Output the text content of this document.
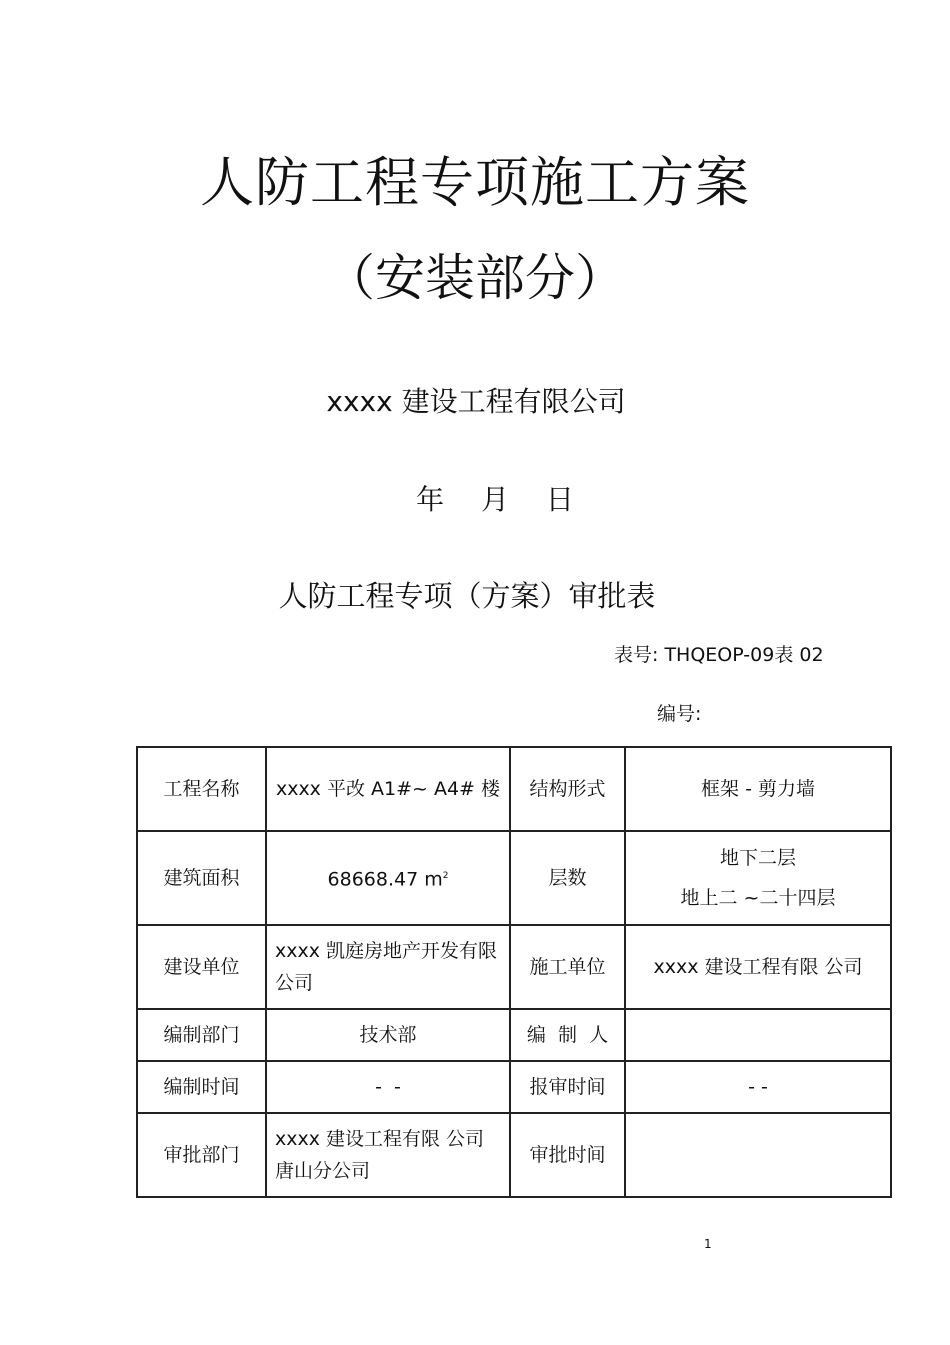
人防工程专项施工方案
（安装部分）
xxxx 建设工程有限公司
年 月 日
人防工程专项（方案）审批表
表号: THQEOP-09表 02
编号:
工程名称	xxxx 平改 A1#~ A4# 楼	结构形式	框架 - 剪力墙
建筑面积	68668.47 $m^2$	层数	地下二层
地上二 ~二十四层

建设单位	xxxx 凯庭房地产开发有限公司	施工单位	xxxx 建设工程有限 公司
编制部门	技术部	编  制  人	
编制时间	-  -	报审时间	- -
审批部门	xxxx 建设工程有限 公司唐山分公司	审批时间	
1
